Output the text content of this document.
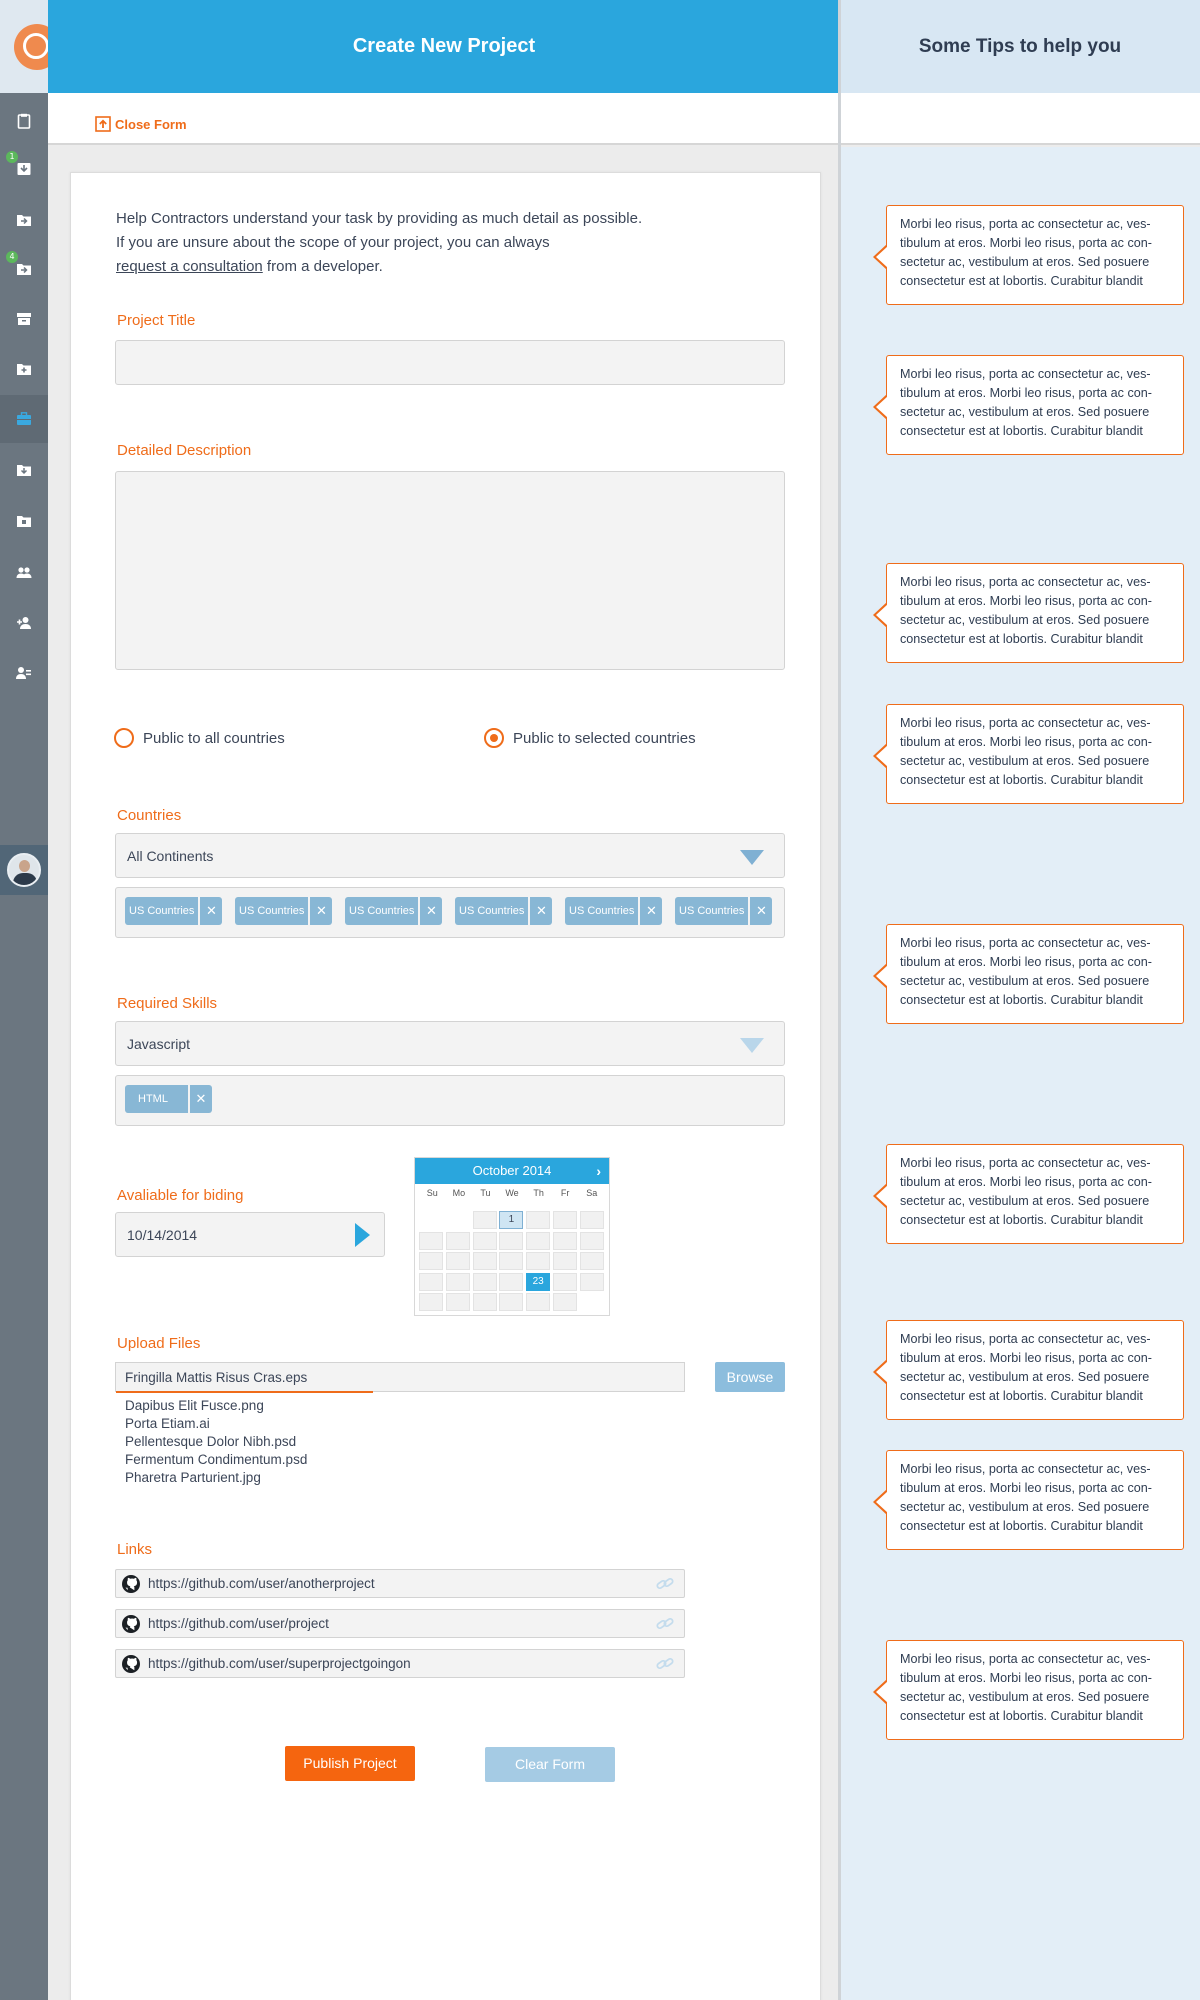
1
4
Create New Project	Some Tips to help you
Close Form
Help Contractors understand your task by providing as much detail as possible.
If you are unsure about the scope of your project, you can always
request a consultation from a developer.
Project Title
Detailed Description
Public to all countries	Public to selected countries
Countries
All Continents
US Countries ✕	US Countries ✕	US Countries ✕	US Countries ✕	US Countries ✕	US Countries ✕
Required Skills
Javascript
HTML	✕
Avaliable for biding
10/14/2014
October 2014	›
Su	Mo	Tu	We	Th	Fr	Sa
1
23
Upload Files
Fringilla Mattis Risus Cras.eps	Browse
Dapibus Elit Fusce.png
Porta Etiam.ai
Pellentesque Dolor Nibh.psd
Fermentum Condimentum.psd
Pharetra Parturient.jpg
Links
https://github.com/user/anotherproject
https://github.com/user/project
https://github.com/user/superprojectgoingon
Publish Project	Clear Form
Morbi leo risus, porta ac consectetur ac, ves-tibulum at eros. Morbi leo risus, porta ac con-sectetur ac, vestibulum at eros. Sed posuere consectetur est at lobortis. Curabitur blandit
Morbi leo risus, porta ac consectetur ac, ves-tibulum at eros. Morbi leo risus, porta ac con-sectetur ac, vestibulum at eros. Sed posuere consectetur est at lobortis. Curabitur blandit
Morbi leo risus, porta ac consectetur ac, ves-tibulum at eros. Morbi leo risus, porta ac con-sectetur ac, vestibulum at eros. Sed posuere consectetur est at lobortis. Curabitur blandit
Morbi leo risus, porta ac consectetur ac, ves-tibulum at eros. Morbi leo risus, porta ac con-sectetur ac, vestibulum at eros. Sed posuere consectetur est at lobortis. Curabitur blandit
Morbi leo risus, porta ac consectetur ac, ves-tibulum at eros. Morbi leo risus, porta ac con-sectetur ac, vestibulum at eros. Sed posuere consectetur est at lobortis. Curabitur blandit
Morbi leo risus, porta ac consectetur ac, ves-tibulum at eros. Morbi leo risus, porta ac con-sectetur ac, vestibulum at eros. Sed posuere consectetur est at lobortis. Curabitur blandit
Morbi leo risus, porta ac consectetur ac, ves-tibulum at eros. Morbi leo risus, porta ac con-sectetur ac, vestibulum at eros. Sed posuere consectetur est at lobortis. Curabitur blandit
Morbi leo risus, porta ac consectetur ac, ves-tibulum at eros. Morbi leo risus, porta ac con-sectetur ac, vestibulum at eros. Sed posuere consectetur est at lobortis. Curabitur blandit
Morbi leo risus, porta ac consectetur ac, ves-tibulum at eros. Morbi leo risus, porta ac con-sectetur ac, vestibulum at eros. Sed posuere consectetur est at lobortis. Curabitur blandit
